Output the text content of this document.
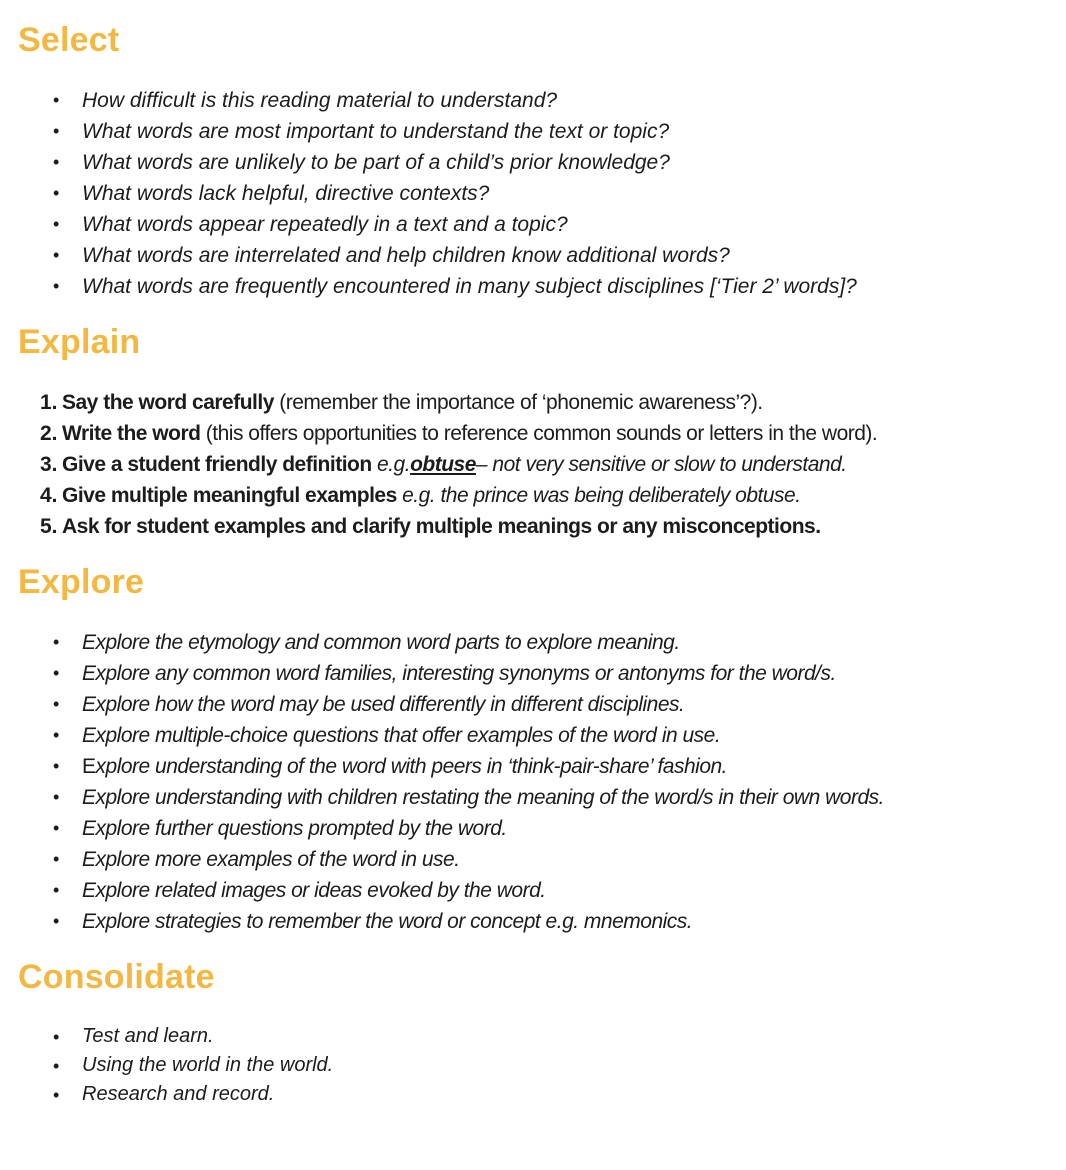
Select
• How difficult is this reading material to understand?
• What words are most important to understand the text or topic?
• What words are unlikely to be part of a child’s prior knowledge?
• What words lack helpful, directive contexts?
• What words appear repeatedly in a text and a topic?
• What words are interrelated and help children know additional words?
• What words are frequently encountered in many subject disciplines [‘Tier 2’ words]?
Explain
1. Say the word carefully (remember the importance of ‘phonemic awareness’?).
2. Write the word (this offers opportunities to reference common sounds or letters in the word).
3. Give a student friendly definition e.g.obtuse– not very sensitive or slow to understand.
4. Give multiple meaningful examples e.g. the prince was being deliberately obtuse.
5. Ask for student examples and clarify multiple meanings or any misconceptions.
Explore
• Explore the etymology and common word parts to explore meaning.
• Explore any common word families, interesting synonyms or antonyms for the word/s.
• Explore how the word may be used differently in different disciplines.
• Explore multiple-choice questions that offer examples of the word in use.
• Explore understanding of the word with peers in ‘think-pair-share’ fashion.
• Explore understanding with children restating the meaning of the word/s in their own words.
• Explore further questions prompted by the word.
• Explore more examples of the word in use.
• Explore related images or ideas evoked by the word.
• Explore strategies to remember the word or concept e.g. mnemonics.
Consolidate
• Test and learn.
• Using the world in the world.
• Research and record.
